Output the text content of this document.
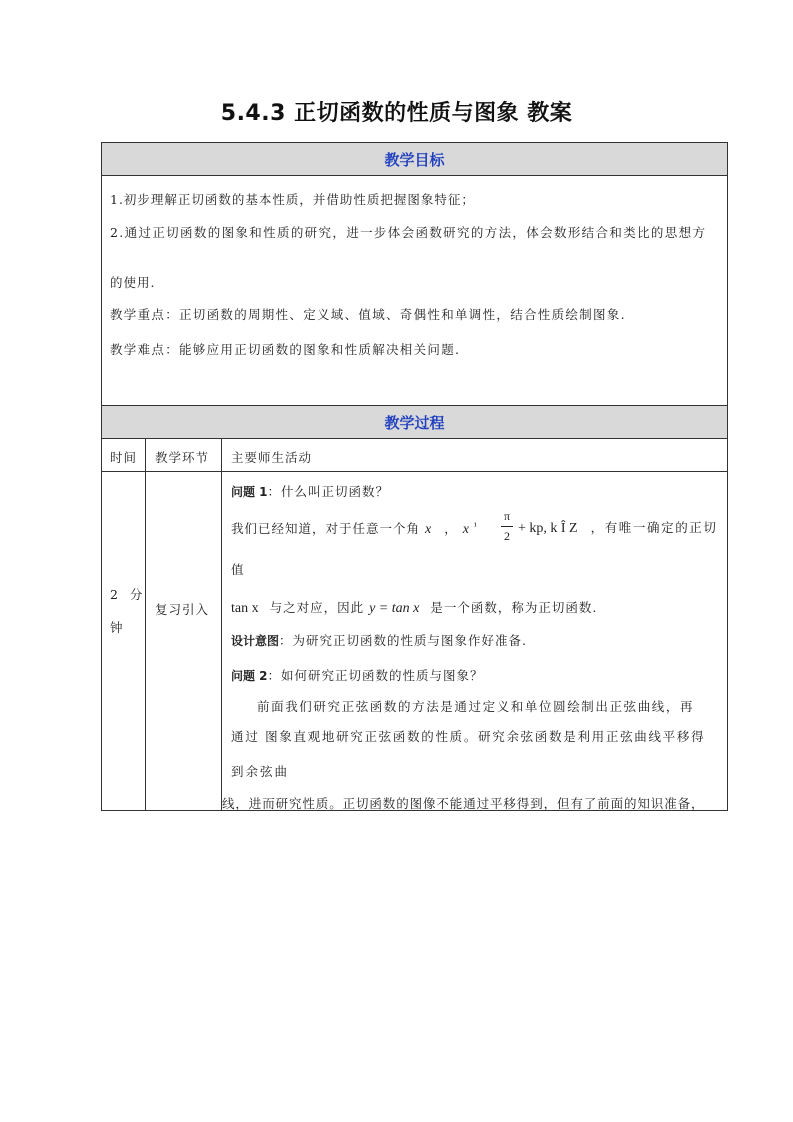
5.4.3 正切函数的性质与图象 教案
教学目标
1.初步理解正切函数的基本性质，并借助性质把握图象特征；
2.通过正切函数的图象和性质的研究，进一步体会函数研究的方法，体会数形结合和类比的思想方
的使用.
教学重点：正切函数的周期性、定义域、值域、奇偶性和单调性，结合性质绘制图象.
教学难点：能够应用正切函数的图象和性质解决相关问题.
教学过程
时间 教学环节 主要师生活动
2 分
钟
复习引入
问题 1：什么叫正切函数？
我们已经知道，对于任意一个角 x ， x $^{^1}$
π
2 + kp, k Î Z ，有唯一确定的正切
值
tan x 与之对应，因此 y = tan x 是一个函数，称为正切函数.
设计意图：为研究正切函数的性质与图象作好准备.
问题 2：如何研究正切函数的性质与图象？
前面我们研究正弦函数的方法是通过定义和单位圆绘制出正弦曲线，再
通过 图象直观地研究正弦函数的性质。研究余弦函数是利用正弦曲线平移得
到余弦曲
线，进而研究性质。正切函数的图像不能通过平移得到，但有了前面的知识准备，
